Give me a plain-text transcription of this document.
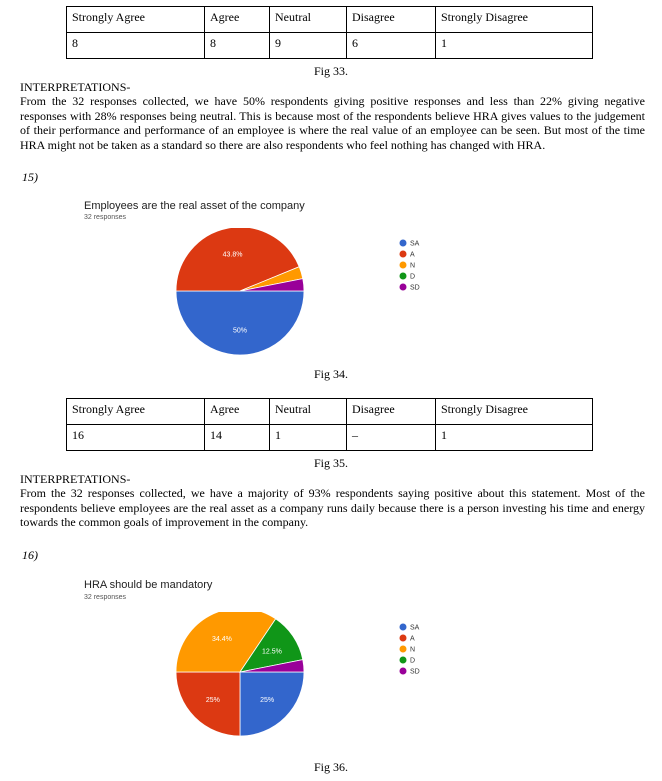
Strongly Agree	Agree	Neutral	Disagree	Strongly Disagree
8	8	9	6	1
Fig 33.
INTERPRETATIONS-
From the 32 responses collected, we have 50% respondents giving positive responses and less than 22% giving negative responses with 28% responses being neutral. This is because most of the respondents believe HRA gives values to the judgement of their performance and performance of an employee is where the real value of an employee can be seen. But most of the time HRA might not be taken as a standard so there are also respondents who feel nothing has changed with HRA.
15)
Employees are the real asset of the company
32 responses
50%
43.8%
SA
A
N
D
SD
Fig 34.
Strongly Agree	Agree	Neutral	Disagree	Strongly Disagree
16	14	1	–	1
Fig 35.
INTERPRETATIONS-
From the 32 responses collected, we have a majority of 93% respondents saying positive about this statement. Most of the respondents believe employees are the real asset as a company runs daily because there is a person investing his time and energy towards the common goals of improvement in the company.
16)
HRA should be mandatory
32 responses
25%
25%
34.4%
12.5%
SA
A
N
D
SD
Fig 36.
